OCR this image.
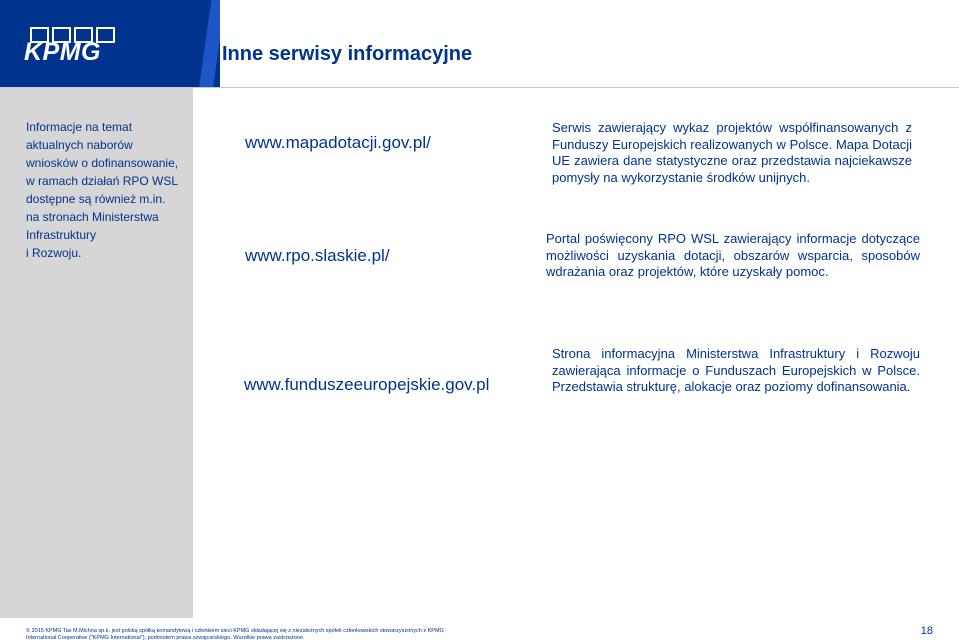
KPMG	Inne serwisy informacyjne
Informacje na temat
aktualnych naborów
wniosków o dofinansowanie,
w ramach działań RPO WSL
dostępne są również m.in.
na stronach Ministerstwa
Infrastruktury
i Rozwoju.
www.mapadotacji.gov.pl/
Serwis zawierający wykaz projektów współfinansowanych z Funduszy Europejskich realizowanych w Polsce. Mapa Dotacji UE zawiera dane statystyczne oraz przedstawia najciekawsze pomysły na wykorzystanie środków unijnych.
www.rpo.slaskie.pl/
Portal poświęcony RPO WSL zawierający informacje dotyczące możliwości uzyskania dotacji, obszarów wsparcia, sposobów wdrażania oraz projektów, które uzyskały pomoc.
www.funduszeeuropejskie.gov.pl
Strona informacyjna Ministerstwa Infrastruktury i Rozwoju zawierająca informacje o Funduszach Europejskich w Polsce. Przedstawia strukturę, alokacje oraz poziomy dofinansowania.
© 2015 KPMG Tax M.Michna sp.k. jest polską spółką komandytową i członkiem sieci KPMG składającej się z niezależnych spółek członkowskich stowarzyszonych z KPMG
International Cooperative ("KPMG International"), podmiotem prawa szwajcarskiego. Wszelkie prawa zastrzeżone.
18
